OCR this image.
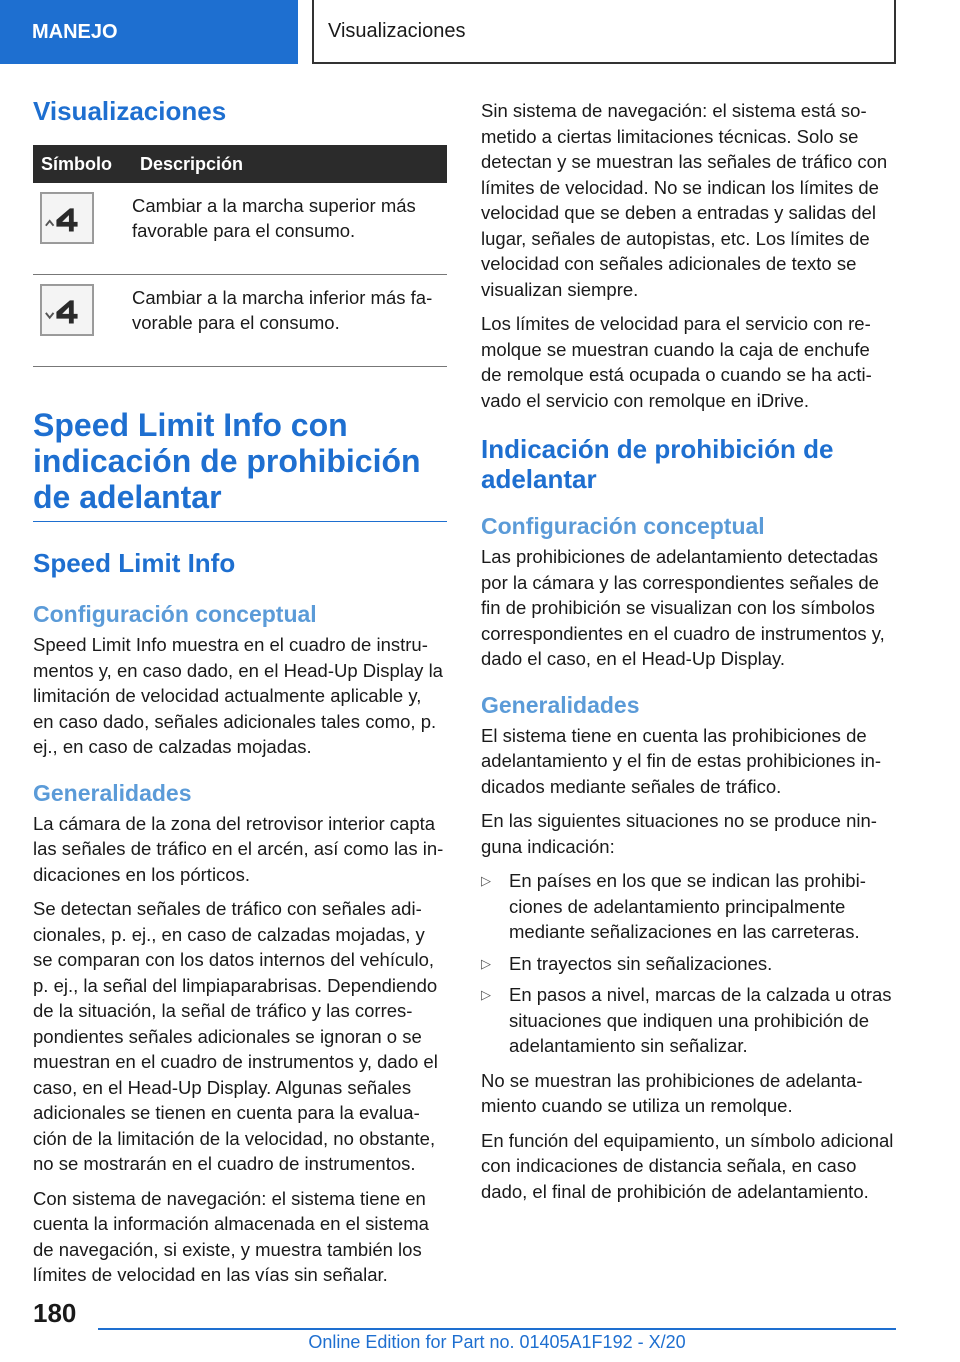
MANEJO	Visualizaciones
Visualizaciones
Símbolo	Descripción
	Cambiar a la marcha superior más favorable para el consumo.
	Cambiar a la marcha inferior más favorable para el consumo.
Speed Limit Info con indicación de prohibición de adelantar
Speed Limit Info
Configuración conceptual

Speed Limit Info muestra en el cuadro de instrumentos y, en caso dado, en el Head-Up Display la limitación de velocidad actualmente aplicable y, en caso dado, señales adicionales tales como, p. ej., en caso de calzadas mojadas.

Generalidades

La cámara de la zona del retrovisor interior capta las señales de tráfico en el arcén, así como las indicaciones en los pórticos.

Se detectan señales de tráfico con señales adicionales, p. ej., en caso de calzadas mojadas, y se comparan con los datos internos del vehículo, p. ej., la señal del limpiaparabrisas. Dependiendo de la situación, la señal de tráfico y las correspondientes señales adicionales se ignoran o se muestran en el cuadro de instrumentos y, dado el caso, en el Head-Up Display. Algunas señales adicionales se tienen en cuenta para la evaluación de la limitación de la velocidad, no obstante, no se mostrarán en el cuadro de instrumentos.

Con sistema de navegación: el sistema tiene en cuenta la información almacenada en el sistema de navegación, si existe, y muestra también los límites de velocidad en las vías sin señalar.

Sin sistema de navegación: el sistema está sometido a ciertas limitaciones técnicas. Solo se detectan y se muestran las señales de tráfico con límites de velocidad. No se indican los límites de velocidad que se deben a entradas y salidas del lugar, señales de autopistas, etc. Los límites de velocidad con señales adicionales de texto se visualizan siempre.

Los límites de velocidad para el servicio con remolque se muestran cuando la caja de enchufe de remolque está ocupada o cuando se ha activado el servicio con remolque en iDrive.

Indicación de prohibición de adelantar
Configuración conceptual

Las prohibiciones de adelantamiento detectadas por la cámara y las correspondientes señales de fin de prohibición se visualizan con los símbolos correspondientes en el cuadro de instrumentos y, dado el caso, en el Head-Up Display.

Generalidades

El sistema tiene en cuenta las prohibiciones de adelantamiento y el fin de estas prohibiciones indicados mediante señales de tráfico.

En las siguientes situaciones no se produce ninguna indicación:

▷ En países en los que se indican las prohibiciones de adelantamiento principalmente mediante señalizaciones en las carreteras.
▷ En trayectos sin señalizaciones.
▷ En pasos a nivel, marcas de la calzada u otras situaciones que indiquen una prohibición de adelantamiento sin señalizar.

No se muestran las prohibiciones de adelantamiento cuando se utiliza un remolque.

En función del equipamiento, un símbolo adicional con indicaciones de distancia señala, en caso dado, el final de prohibición de adelantamiento.

180
Online Edition for Part no. 01405A1F192 - X/20
